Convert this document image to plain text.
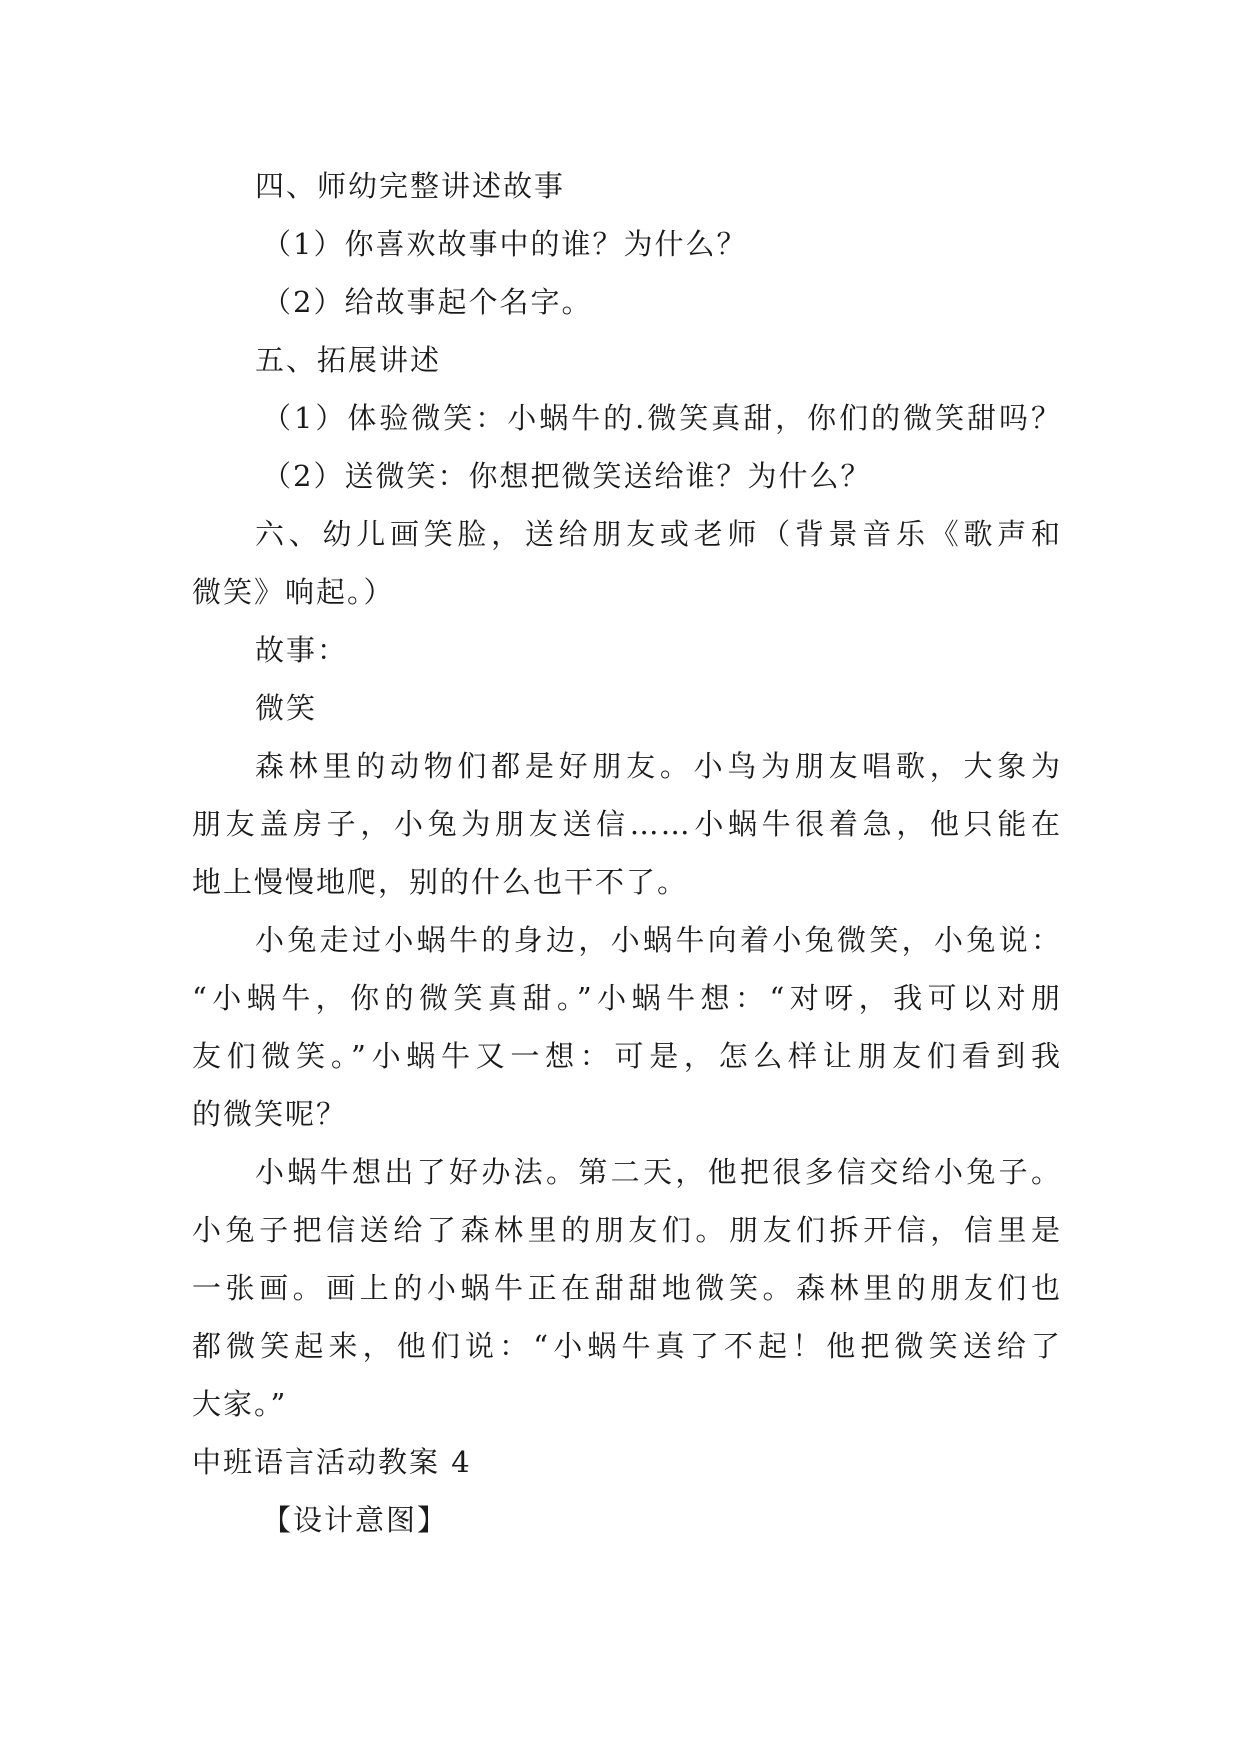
四、师幼完整讲述故事
（1）你喜欢故事中的谁？为什么？
（2）给故事起个名字。
五、拓展讲述
（1）体验微笑：小蜗牛的.微笑真甜，你们的微笑甜吗？
（2）送微笑：你想把微笑送给谁？为什么？
六、幼儿画笑脸，送给朋友或老师（背景音乐《歌声和
微笑》响起。）
故事：
微笑
森林里的动物们都是好朋友。小鸟为朋友唱歌，大象为
朋友盖房子，小兔为朋友送信……小蜗牛很着急，他只能在
地上慢慢地爬，别的什么也干不了。
小兔走过小蜗牛的身边，小蜗牛向着小兔微笑，小兔说：
“小蜗牛，你的微笑真甜。”小蜗牛想：“对呀，我可以对朋
友们微笑。”小蜗牛又一想：可是，怎么样让朋友们看到我
的微笑呢？
小蜗牛想出了好办法。第二天，他把很多信交给小兔子。
小兔子把信送给了森林里的朋友们。朋友们拆开信，信里是
一张画。画上的小蜗牛正在甜甜地微笑。森林里的朋友们也
都微笑起来，他们说：“小蜗牛真了不起！他把微笑送给了
大家。”
中班语言活动教案 4
【设计意图】
